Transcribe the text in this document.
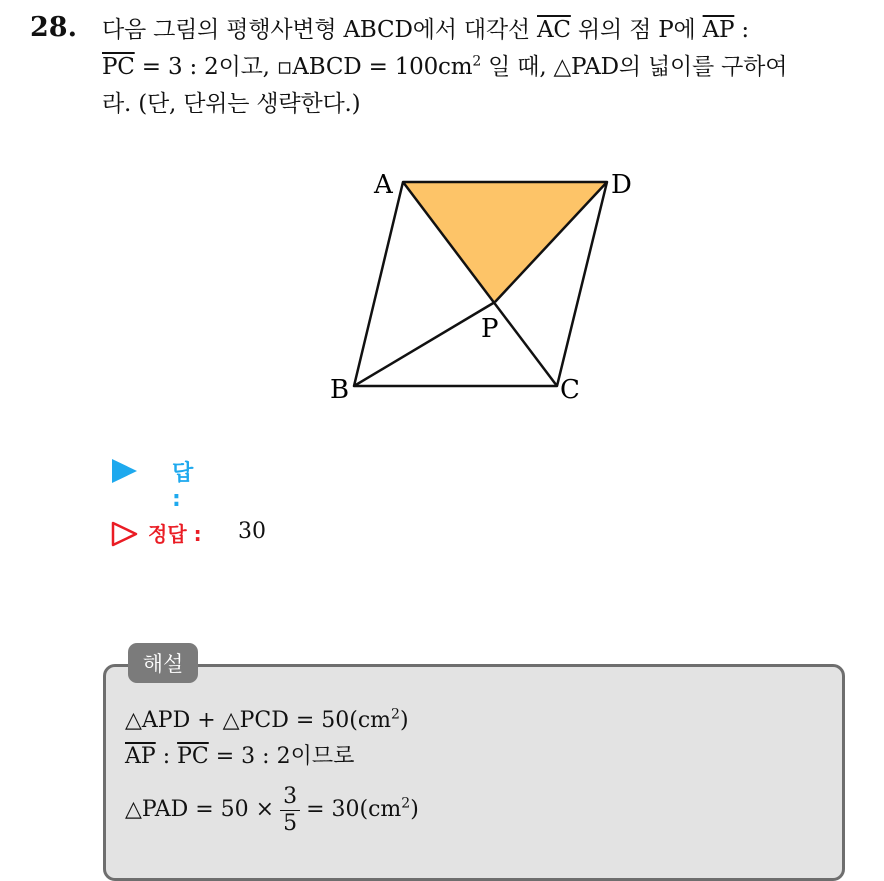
28. 다음 그림의 평행사변형 ABCD에서 대각선 $\overline{AC}$ 위의 점 P에 $\overline{AP}$ :
$\overline{PC} = 3$ : 2이고, ▫ABCD = $100cm^2$ 일 때, △PAD의 넓이를 구하여
라. (단, 단위는 생략한다.)
A	D
B	C
P
답 :
정답 : 30
해설
△APD + △PCD = $50(cm^2)$
$\overline{AP}$ : $\overline{PC} = 3$ : 2이므로
△PAD = $50 \times \frac{3}{5} = 30(cm^2)$
